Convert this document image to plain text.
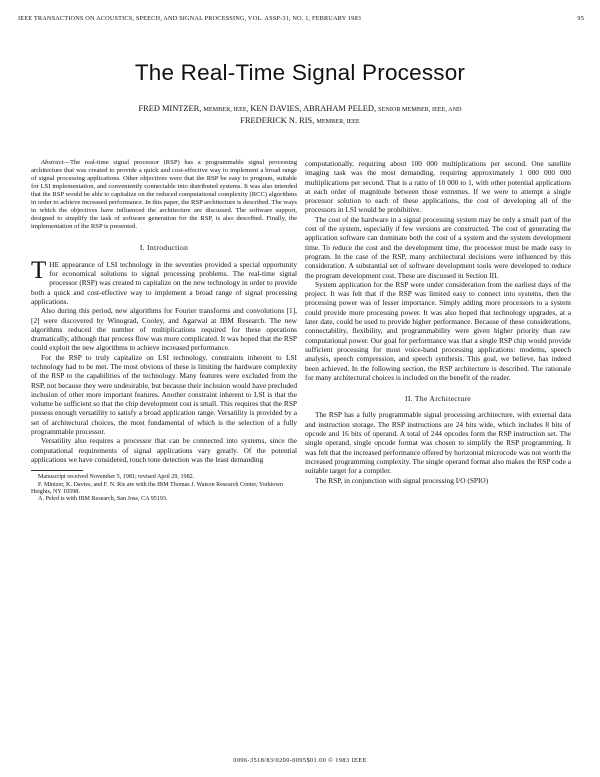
IEEE TRANSACTIONS ON ACOUSTICS, SPEECH, AND SIGNAL PROCESSING, VOL. ASSP-31, NO. 1, FEBRUARY 1983	95
The Real-Time Signal Processor
FRED MINTZER, MEMBER, IEEE, KEN DAVIES, ABRAHAM PELED, SENIOR MEMBER, IEEE, AND
FREDERICK N. RIS, MEMBER, IEEE

Abstract—The real-time signal processor (RSP) has a programmable signal processing architecture that was created to provide a quick and cost-effective way to implement a broad range of signal processing applications. Other objectives were that the RSP be easy to program, suitable for LSI implementation, and conveniently connectable into distributed systems. It was also intended that the RSP would be able to capitalize on the reduced computational complexity (RCC) algorithms in order to achieve increased performance. In this paper, the RSP architecture is described. The ways in which the objectives have influenced the architecture are discussed. The software support, designed to simplify the task of software generation for the RSP, is also described. Finally, the implementation of the RSP is presented.

I. Introduction

THE appearance of LSI technology in the seventies provided a special opportunity for economical solutions to signal processing problems. The real-time signal processor (RSP) was created to capitalize on the new technology in order to provide both a quick and cost-effective way to implement a broad range of signal processing applications.

Also during this period, new algorithms for Fourier transforms and convolutions [1], [2] were discovered by Winograd, Cooley, and Agarwal at IBM Research. The new algorithms reduced the number of multiplications required for these operations dramatically, although that process flow was more complicated. It was hoped that the RSP could exploit the new algorithms to achieve increased performance.

For the RSP to truly capitalize on LSI technology, constraints inherent to LSI technology had to be met. The most obvious of these is limiting the hardware complexity of the RSP to the capabilities of the technology. Many features were excluded from the RSP, not because they were undesirable, but because their inclusion would have precluded inclusion of other more important features. Another constraint inherent to LSI is that the volume be sufficient so that the chip development cost is small. This requires that the RSP possess enough versatility to satisfy a broad application range. Versatility is provided by a set of architectural choices, the most fundamental of which is the selection of a fully programmable processor.

Versatility also requires a processor that can be connected into systems, since the computational requirements of signal applications vary greatly. Of the potential applications we have considered, touch tone detection was the least demanding

Manuscript received November 5, 1981; revised April 29, 1982.

F. Mintzer, K. Davies, and F. N. Ris are with the IBM Thomas J. Watson Research Center, Yorktown Heights, NY 10598.

A. Peled is with IBM Research, San Jose, CA 95193.

computationally, requiring about 100 000 multiplications per second. One satellite imaging task was the most demanding, requiring approximately 1 000 000 000 multiplications per second. That is a ratio of 10 000 to 1, with other potential applications at each order of magnitude between those extremes. If we were to attempt a single processor solution to each of these applications, the cost of developing all of the processors in LSI would be prohibitive.

The cost of the hardware in a signal processing system may be only a small part of the cost of the system, especially if few versions are constructed. The cost of generating the application software can dominate both the cost of a system and the system development time. To reduce the cost and the development time, the processor must be made easy to program. In the case of the RSP, many architectural decisions were influenced by this consideration. A substantial set of software development tools were developed to reduce the program development cost. These are discussed in Section III.

System application for the RSP were under consideration from the earliest days of the project. It was felt that if the RSP was limited easy to connect into systems, then the processing power was of lesser importance. Simply adding more processors to a system could provide more processing power. It was also hoped that technology upgrades, at a later date, could be used to provide higher performance. Because of these considerations, connectability, flexibility, and programmability were given higher priority than raw computational power. Our goal for performance was that a single RSP chip would provide sufficient processing for most voice-band processing applications: modems, speech analysis, speech compression, and speech synthesis. This goal, we believe, has indeed been achieved. In the following section, the RSP architecture is described. The rationale for many architectural choices is included on the benefit of the reader.

II. The Architecture

The RSP has a fully programmable signal processing architecture, with external data and instruction storage. The RSP instructions are 24 bits wide, which includes 8 bits of opcode and 16 bits of operand. A total of 244 opcodes form the RSP instruction set. The single operand, single opcode format was chosen to simplify the RSP programming. It was felt that the increased performance offered by horizontal microcode was not worth the increased programming complexity. The single operand format also makes the RSP code a suitable target for a compiler.

The RSP, in conjunction with signal processing I/O (SPIO)

0096-3518/83/0200-0095$01.00 © 1983 IEEE
